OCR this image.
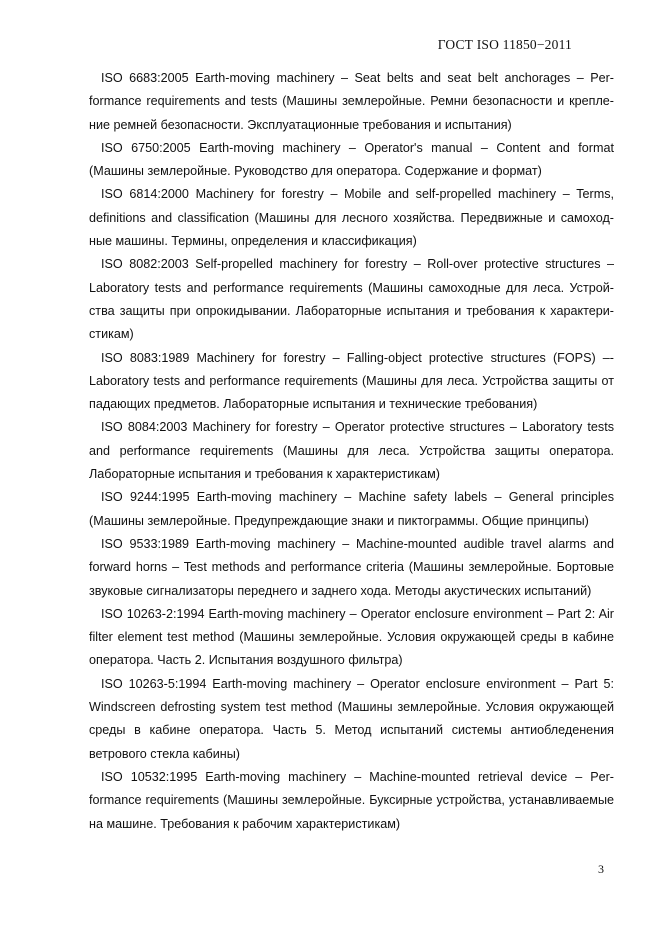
ГОСТ ISO 11850−2011

ISO 6683:2005 Earth-moving machinery – Seat belts and seat belt anchorages – Performance requirements and tests (Машины землеройные. Ремни безопасности и крепление ремней безопасности. Эксплуатационные требования и испытания)

ISO 6750:2005 Earth-moving machinery – Operator's manual – Content and format (Машины землеройные. Руководство для оператора. Содержание и формат)

ISO 6814:2000 Machinery for forestry – Mobile and self-propelled machinery – Terms, definitions and classification (Машины для лесного хозяйства. Передвижные и самоходные машины. Термины, определения и классификация)

ISO 8082:2003 Self-propelled machinery for forestry – Roll-over protective structures – Laboratory tests and performance requirements (Машины самоходные для леса. Устройства защиты при опрокидывании. Лабораторные испытания и требования к характеристикам)

ISO 8083:1989 Machinery for forestry – Falling-object protective structures (FOPS) –- Laboratory tests and performance requirements (Машины для леса. Устройства защиты от падающих предметов. Лабораторные испытания и технические требования)

ISO 8084:2003 Machinery for forestry – Operator protective structures – Laboratory tests and performance requirements (Машины для леса. Устройства защиты оператора. Лабораторные испытания и требования к характеристикам)

ISO 9244:1995 Earth-moving machinery – Machine safety labels – General principles (Машины землеройные. Предупреждающие знаки и пиктограммы. Общие принципы)

ISO 9533:1989 Earth-moving machinery – Machine-mounted audible travel alarms and forward horns – Test methods and performance criteria (Машины землеройные. Бортовые звуковые сигнализаторы переднего и заднего хода. Методы акустических испытаний)

ISO 10263-2:1994 Earth-moving machinery – Operator enclosure environment – Part 2: Air filter element test method (Машины землеройные. Условия окружающей среды в кабине оператора. Часть 2. Испытания воздушного фильтра)

ISO 10263-5:1994 Earth-moving machinery – Operator enclosure environment – Part 5: Windscreen defrosting system test method (Машины землеройные. Условия окружающей среды в кабине оператора. Часть 5. Метод испытаний системы антиобледенения ветрового стекла кабины)

ISO 10532:1995 Earth-moving machinery – Machine-mounted retrieval device – Performance requirements (Машины землеройные. Буксирные устройства, устанавливаемые на машине. Требования к рабочим характеристикам)

3
